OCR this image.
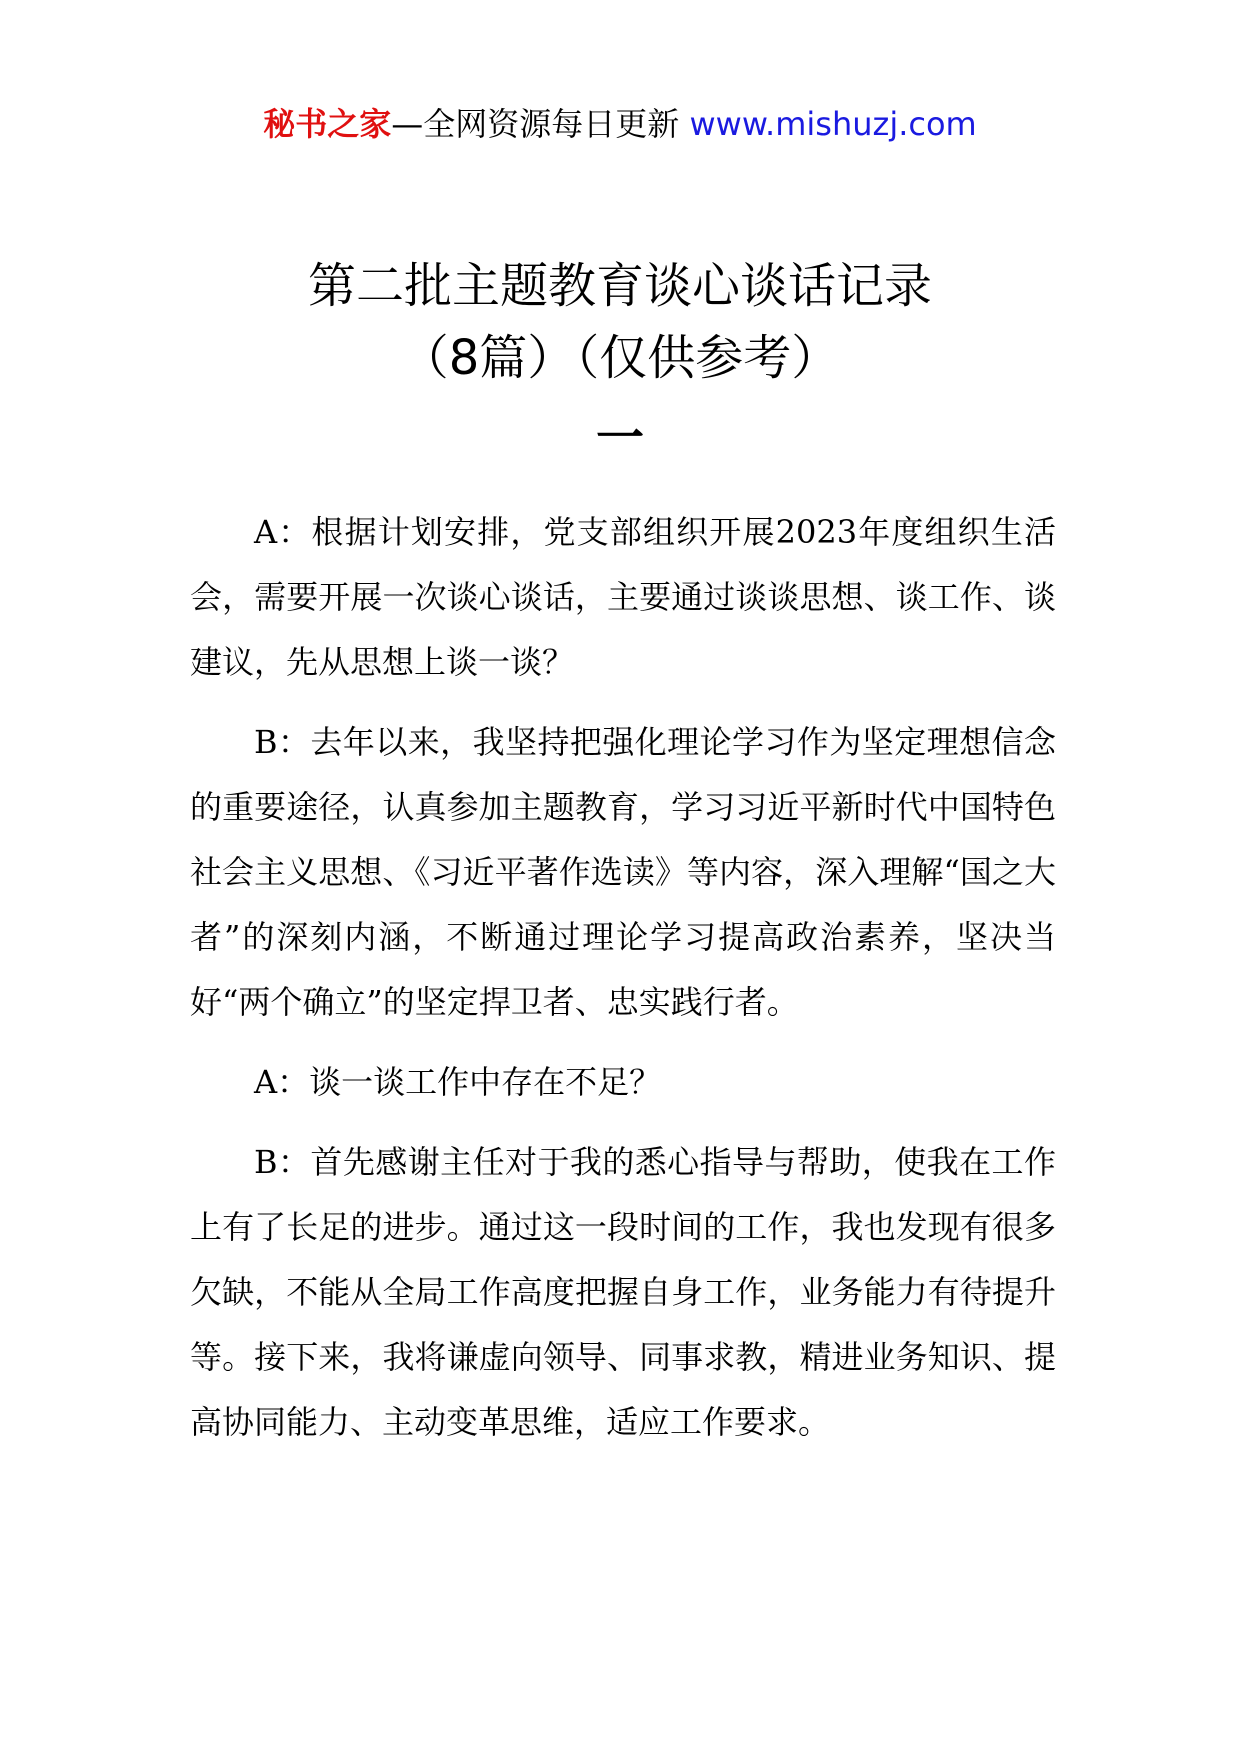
秘书之家—全网资源每日更新 www.mishuzj.com
第二批主题教育谈心谈话记录
（8篇）（仅供参考）
一

A：根据计划安排，党支部组织开展2023年度组织生活会，需要开展一次谈心谈话，主要通过谈谈思想、谈工作、谈建议，先从思想上谈一谈？

B：去年以来，我坚持把强化理论学习作为坚定理想信念的重要途径，认真参加主题教育，学习习近平新时代中国特色社会主义思想、《习近平著作选读》等内容，深入理解“国之大者”的深刻内涵，不断通过理论学习提高政治素养，坚决当好“两个确立”的坚定捍卫者、忠实践行者。

A：谈一谈工作中存在不足？

B：首先感谢主任对于我的悉心指导与帮助，使我在工作上有了长足的进步。通过这一段时间的工作，我也发现有很多欠缺，不能从全局工作高度把握自身工作，业务能力有待提升等。接下来，我将谦虚向领导、同事求教，精进业务知识、提高协同能力、主动变革思维，适应工作要求。
